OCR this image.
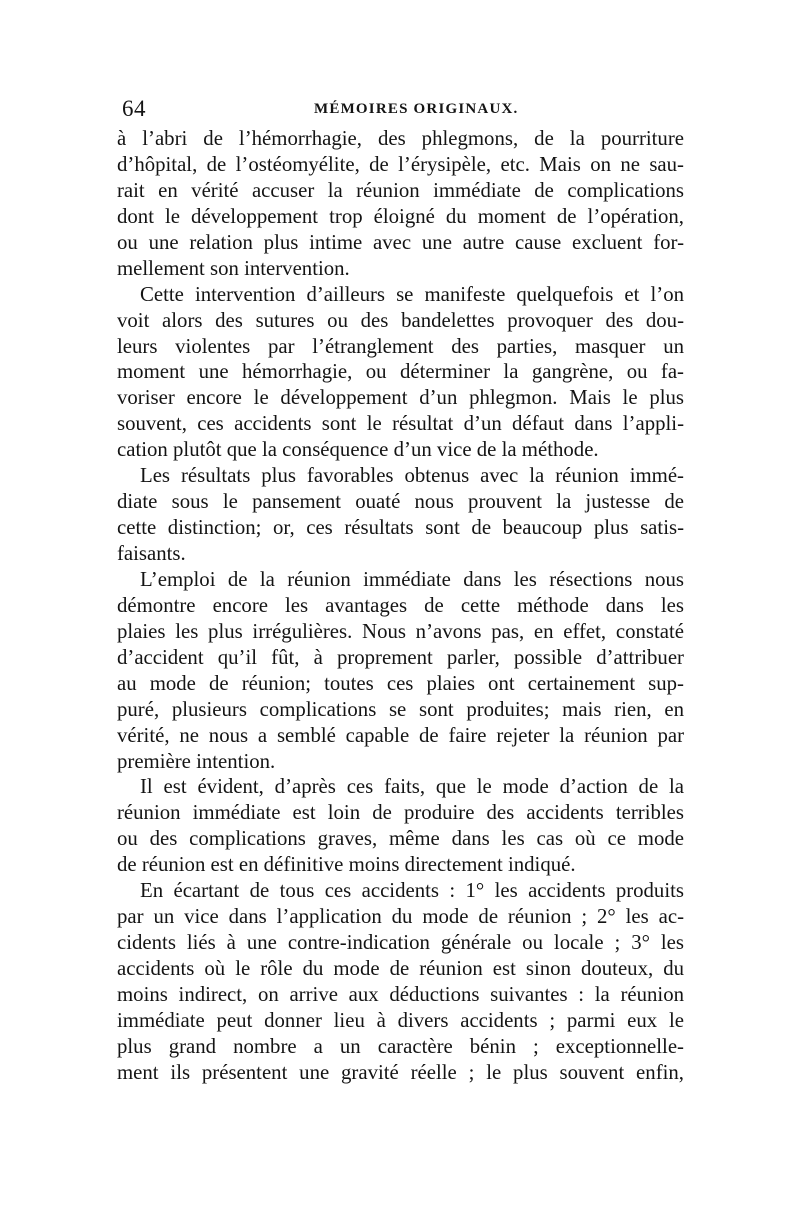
64	MÉMOIRES ORIGINAUX.
à l’abri de l’hémorrhagie, des phlegmons, de la pourriture
d’hôpital, de l’ostéomyélite, de l’érysipèle, etc. Mais on ne sau-
rait en vérité accuser la réunion immédiate de complications
dont le développement trop éloigné du moment de l’opération,
ou une relation plus intime avec une autre cause excluent for-
mellement son intervention.
Cette intervention d’ailleurs se manifeste quelquefois et l’on
voit alors des sutures ou des bandelettes provoquer des dou-
leurs violentes par l’étranglement des parties, masquer un
moment une hémorrhagie, ou déterminer la gangrène, ou fa-
voriser encore le développement d’un phlegmon. Mais le plus
souvent, ces accidents sont le résultat d’un défaut dans l’appli-
cation plutôt que la conséquence d’un vice de la méthode.
Les résultats plus favorables obtenus avec la réunion immé-
diate sous le pansement ouaté nous prouvent la justesse de
cette distinction; or, ces résultats sont de beaucoup plus satis-
faisants.
L’emploi de la réunion immédiate dans les résections nous
démontre encore les avantages de cette méthode dans les
plaies les plus irrégulières. Nous n’avons pas, en effet, constaté
d’accident qu’il fût, à proprement parler, possible d’attribuer
au mode de réunion; toutes ces plaies ont certainement sup-
puré, plusieurs complications se sont produites; mais rien, en
vérité, ne nous a semblé capable de faire rejeter la réunion par
première intention.
Il est évident, d’après ces faits, que le mode d’action de la
réunion immédiate est loin de produire des accidents terribles
ou des complications graves, même dans les cas où ce mode
de réunion est en définitive moins directement indiqué.
En écartant de tous ces accidents : 1° les accidents produits
par un vice dans l’application du mode de réunion ; 2° les ac-
cidents liés à une contre-indication générale ou locale ; 3° les
accidents où le rôle du mode de réunion est sinon douteux, du
moins indirect, on arrive aux déductions suivantes : la réunion
immédiate peut donner lieu à divers accidents ; parmi eux le
plus grand nombre a un caractère bénin ; exceptionnelle-
ment ils présentent une gravité réelle ; le plus souvent enfin,
